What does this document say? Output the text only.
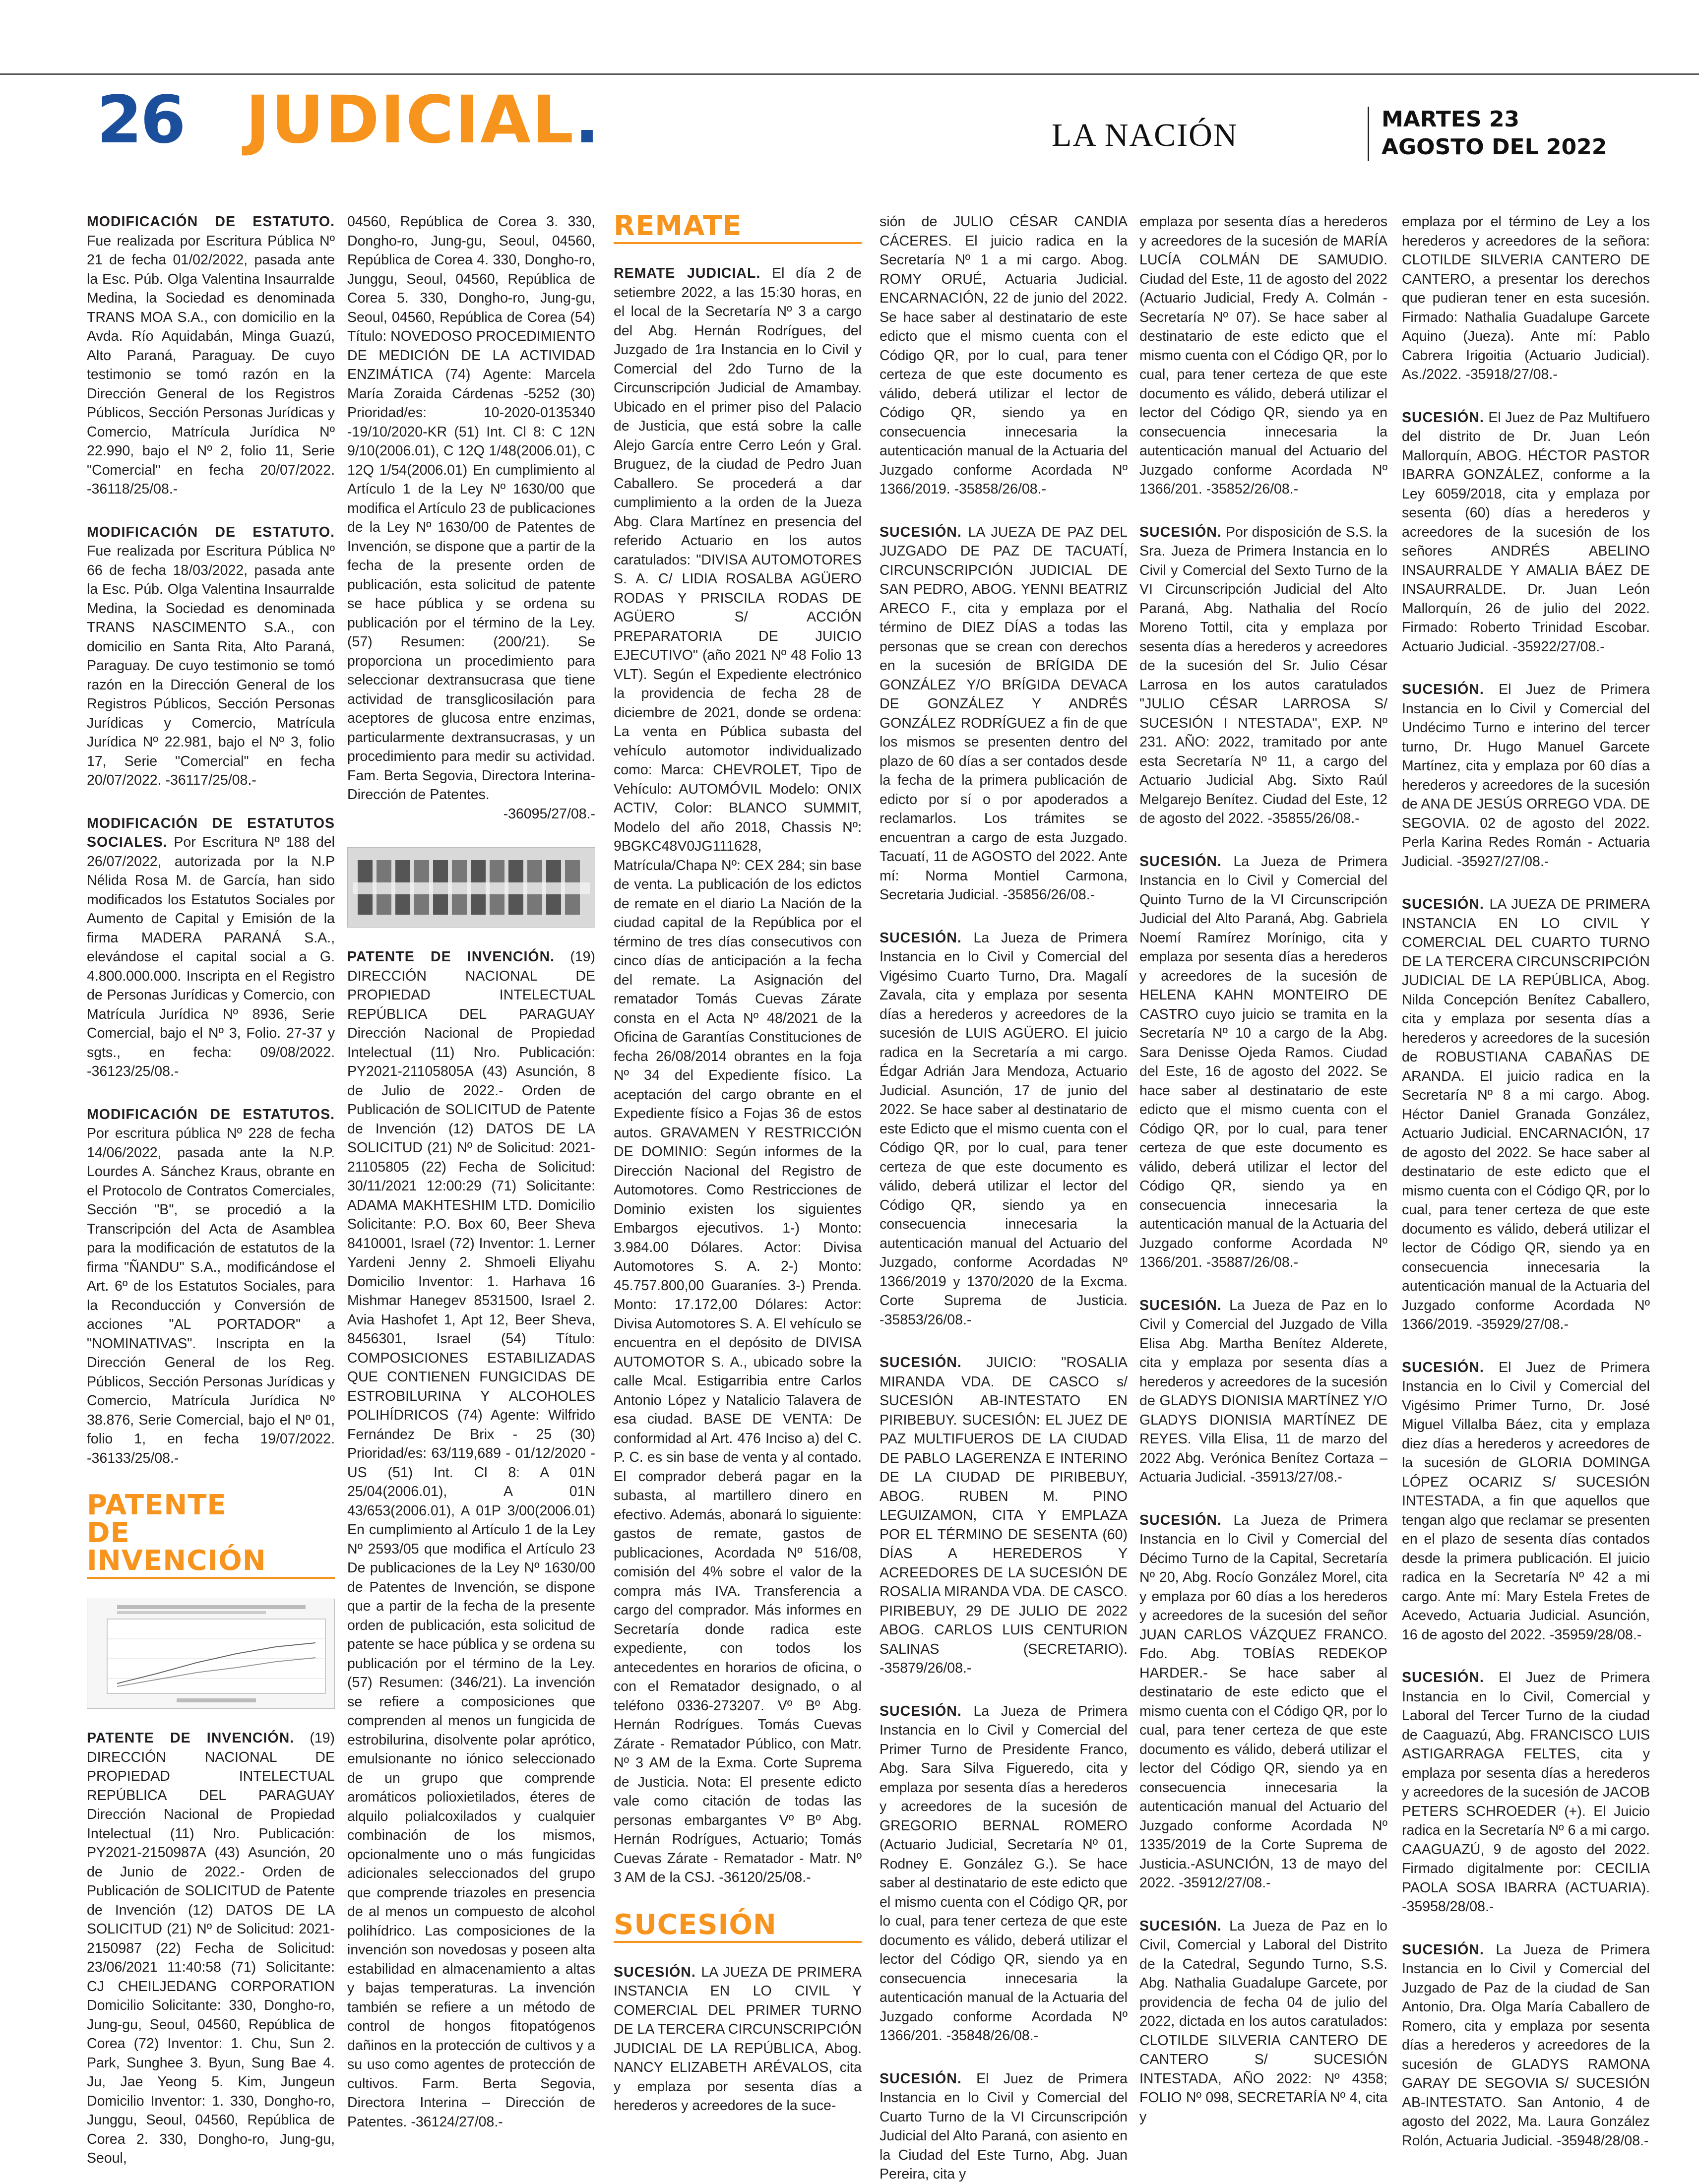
26 JUDICIAL.	LA NACIÓN	MARTES 23
AGOSTO DEL 2022

MODIFICACIÓN DE ESTATUTO. Fue realizada por Escritura Pública Nº 21 de fecha 01/02/2022, pasada ante la Esc. Púb. Olga Valentina Insaurralde Medina, la Sociedad es denominada TRANS MOA S.A., con domicilio en la Avda. Río Aquidabán, Minga Guazú, Alto Paraná, Paraguay. De cuyo testimonio se tomó razón en la Dirección General de los Registros Públicos, Sección Personas Jurídicas y Comercio, Matrícula Jurídica Nº 22.990, bajo el Nº 2, folio 11, Serie "Comercial" en fecha 20/07/2022. -36118/25/08.-

MODIFICACIÓN DE ESTATUTO. Fue realizada por Escritura Pública Nº 66 de fecha 18/03/2022, pasada ante la Esc. Púb. Olga Valentina Insaurralde Medina, la Sociedad es denominada TRANS NASCIMENTO S.A., con domicilio en Santa Rita, Alto Paraná, Paraguay. De cuyo testimonio se tomó razón en la Dirección General de los Registros Públicos, Sección Personas Jurídicas y Comercio, Matrícula Jurídica Nº 22.981, bajo el Nº 3, folio 17, Serie "Comercial" en fecha 20/07/2022. -36117/25/08.-

MODIFICACIÓN DE ESTATUTOS SOCIALES. Por Escritura Nº 188 del 26/07/2022, autorizada por la N.P Nélida Rosa M. de García, han sido modificados los Estatutos Sociales por Aumento de Capital y Emisión de la firma MADERA PARANÁ S.A., elevándose el capital social a G. 4.800.000.000. Inscripta en el Registro de Personas Jurídicas y Comercio, con Matrícula Jurídica Nº 8936, Serie Comercial, bajo el Nº 3, Folio. 27-37 y sgts., en fecha: 09/08/2022. -36123/25/08.-

MODIFICACIÓN DE ESTATUTOS. Por escritura pública Nº 228 de fecha 14/06/2022, pasada ante la N.P. Lourdes A. Sánchez Kraus, obrante en el Protocolo de Contratos Comerciales, Sección "B", se procedió a la Transcripción del Acta de Asamblea para la modificación de estatutos de la firma "ÑANDU" S.A., modificándose el Art. 6º de los Estatutos Sociales, para la Reconducción y Conversión de acciones "AL PORTADOR" a "NOMINATIVAS". Inscripta en la Dirección General de los Reg. Públicos, Sección Personas Jurídicas y Comercio, Matrícula Jurídica Nº 38.876, Serie Comercial, bajo el Nº 01, folio 1, en fecha 19/07/2022. -36133/25/08.-

PATENTE DE INVENCIÓN

PATENTE DE INVENCIÓN. (19) DIRECCIÓN NACIONAL DE PROPIEDAD INTELECTUAL REPÚBLICA DEL PARAGUAY Dirección Nacional de Propiedad Intelectual (11) Nro. Publicación: PY2021-2150987A (43) Asunción, 20 de Junio de 2022.- Orden de Publicación de SOLICITUD de Patente de Invención (12) DATOS DE LA SOLICITUD (21) Nº de Solicitud: 2021-2150987 (22) Fecha de Solicitud: 23/06/2021 11:40:58 (71) Solicitante: CJ CHEILJEDANG CORPORATION Domicilio Solicitante: 330, Dongho-ro, Jung-gu, Seoul, 04560, República de Corea (72) Inventor: 1. Chu, Sun 2. Park, Sunghee 3. Byun, Sung Bae 4. Ju, Jae Yeong 5. Kim, Jungeun Domicilio Inventor: 1. 330, Dongho-ro, Junggu, Seoul, 04560, República de Corea 2. 330, Dongho-ro, Jung-gu, Seoul,

04560, República de Corea 3. 330, Dongho-ro, Jung-gu, Seoul, 04560, República de Corea 4. 330, Dongho-ro, Junggu, Seoul, 04560, República de Corea 5. 330, Dongho-ro, Jung-gu, Seoul, 04560, República de Corea (54) Título: NOVEDOSO PROCEDIMIENTO DE MEDICIÓN DE LA ACTIVIDAD ENZIMÁTICA (74) Agente: Marcela María Zoraida Cárdenas -5252 (30) Prioridad/es: 10-2020-0135340 -19/10/2020-KR (51) Int. Cl 8: C 12N 9/10(2006.01), C 12Q 1/48(2006.01), C 12Q 1/54(2006.01) En cumplimiento al Artículo 1 de la Ley Nº 1630/00 que modifica el Artículo 23 de publicaciones de la Ley Nº 1630/00 de Patentes de Invención, se dispone que a partir de la fecha de la presente orden de publicación, esta solicitud de patente se hace pública y se ordena su publicación por el término de la Ley. (57) Resumen: (200/21). Se proporciona un procedimiento para seleccionar dextransucrasa que tiene actividad de transglicosilación para aceptores de glucosa entre enzimas, particularmente dextransucrasas, y un procedimiento para medir su actividad. Fam. Berta Segovia, Directora Interina- Dirección de Patentes.
-36095/27/08.-

PATENTE DE INVENCIÓN. (19) DIRECCIÓN NACIONAL DE PROPIEDAD INTELECTUAL REPÚBLICA DEL PARAGUAY Dirección Nacional de Propiedad Intelectual (11) Nro. Publicación: PY2021-21105805A (43) Asunción, 8 de Julio de 2022.- Orden de Publicación de SOLICITUD de Patente de Invención (12) DATOS DE LA SOLICITUD (21) Nº de Solicitud: 2021-21105805 (22) Fecha de Solicitud: 30/11/2021 12:00:29 (71) Solicitante: ADAMA MAKHTESHIM LTD. Domicilio Solicitante: P.O. Box 60, Beer Sheva 8410001, Israel (72) Inventor: 1. Lerner Yardeni Jenny 2. Shmoeli Eliyahu Domicilio Inventor: 1. Harhava 16 Mishmar Hanegev 8531500, Israel 2. Avia Hashofet 1, Apt 12, Beer Sheva, 8456301, Israel (54) Título: COMPOSICIONES ESTABILIZADAS QUE CONTIENEN FUNGICIDAS DE ESTROBILURINA Y ALCOHOLES POLIHÍDRICOS (74) Agente: Wilfrido Fernández De Brix - 25 (30) Prioridad/es: 63/119,689 - 01/12/2020 - US (51) Int. Cl 8: A 01N 25/04(2006.01), A 01N 43/653(2006.01), A 01P 3/00(2006.01) En cumplimiento al Artículo 1 de la Ley Nº 2593/05 que modifica el Artículo 23 De publicaciones de la Ley Nº 1630/00 de Patentes de Invención, se dispone que a partir de la fecha de la presente orden de publicación, esta solicitud de patente se hace pública y se ordena su publicación por el término de la Ley. (57) Resumen: (346/21). La invención se refiere a composiciones que comprenden al menos un fungicida de estrobilurina, disolvente polar aprótico, emulsionante no iónico seleccionado de un grupo que comprende aromáticos polioxietilados, éteres de alquilo polialcoxilados y cualquier combinación de los mismos, opcionalmente uno o más fungicidas adicionales seleccionados del grupo que comprende triazoles en presencia de al menos un compuesto de alcohol polihídrico. Las composiciones de la invención son novedosas y poseen alta estabilidad en almacenamiento a altas y bajas temperaturas. La invención también se refiere a un método de control de hongos fitopatógenos dañinos en la protección de cultivos y a su uso como agentes de protección de cultivos. Farm. Berta Segovia, Directora Interina – Dirección de Patentes. -36124/27/08.-

REMATE

REMATE JUDICIAL. El día 2 de setiembre 2022, a las 15:30 horas, en el local de la Secretaría Nº 3 a cargo del Abg. Hernán Rodrígues, del Juzgado de 1ra Instancia en lo Civil y Comercial del 2do Turno de la Circunscripción Judicial de Amambay. Ubicado en el primer piso del Palacio de Justicia, que está sobre la calle Alejo García entre Cerro León y Gral. Bruguez, de la ciudad de Pedro Juan Caballero. Se procederá a dar cumplimiento a la orden de la Jueza Abg. Clara Martínez en presencia del referido Actuario en los autos caratulados: "DIVISA AUTOMOTORES S. A. C/ LIDIA ROSALBA AGÜERO RODAS Y PRISCILA RODAS DE AGÜERO S/ ACCIÓN PREPARATORIA DE JUICIO EJECUTIVO" (año 2021 Nº 48 Folio 13 VLT). Según el Expediente electrónico la providencia de fecha 28 de diciembre de 2021, donde se ordena: La venta en Pública subasta del vehículo automotor individualizado como: Marca: CHEVROLET, Tipo de Vehículo: AUTOMÓVIL Modelo: ONIX ACTIV, Color: BLANCO SUMMIT, Modelo del año 2018, Chassis Nº: 9BGKC48V0JG111628, Matrícula/Chapa Nº: CEX 284; sin base de venta. La publicación de los edictos de remate en el diario La Nación de la ciudad capital de la República por el término de tres días consecutivos con cinco días de anticipación a la fecha del remate. La Asignación del rematador Tomás Cuevas Zárate consta en el Acta Nº 48/2021 de la Oficina de Garantías Constituciones de fecha 26/08/2014 obrantes en la foja Nº 34 del Expediente físico. La aceptación del cargo obrante en el Expediente físico a Fojas 36 de estos autos. GRAVAMEN Y RESTRICCIÓN DE DOMINIO: Según informes de la Dirección Nacional del Registro de Automotores. Como Restricciones de Dominio existen los siguientes Embargos ejecutivos. 1-) Monto: 3.984.00 Dólares. Actor: Divisa Automotores S. A. 2-) Monto: 45.757.800,00 Guaraníes. 3-) Prenda. Monto: 17.172,00 Dólares: Actor: Divisa Automotores S. A. El vehículo se encuentra en el depósito de DIVISA AUTOMOTOR S. A., ubicado sobre la calle Mcal. Estigarribia entre Carlos Antonio López y Natalicio Talavera de esa ciudad. BASE DE VENTA: De conformidad al Art. 476 Inciso a) del C. P. C. es sin base de venta y al contado. El comprador deberá pagar en la subasta, al martillero dinero en efectivo. Además, abonará lo siguiente: gastos de remate, gastos de publicaciones, Acordada Nº 516/08, comisión del 4% sobre el valor de la compra más IVA. Transferencia a cargo del comprador. Más informes en Secretaría donde radica este expediente, con todos los antecedentes en horarios de oficina, o con el Rematador designado, o al teléfono 0336-273207. Vº Bº Abg. Hernán Rodrígues. Tomás Cuevas Zárate - Rematador Público, con Matr. Nº 3 AM de la Exma. Corte Suprema de Justicia. Nota: El presente edicto vale como citación de todas las personas embargantes Vº Bº Abg. Hernán Rodrígues, Actuario; Tomás Cuevas Zárate - Rematador - Matr. Nº 3 AM de la CSJ. -36120/25/08.-

SUCESIÓN

SUCESIÓN. LA JUEZA DE PRIMERA INSTANCIA EN LO CIVIL Y COMERCIAL DEL PRIMER TURNO DE LA TERCERA CIRCUNSCRIPCIÓN JUDICIAL DE LA REPÚBLICA, Abog. NANCY ELIZABETH ARÉVALOS, cita y emplaza por sesenta días a herederos y acreedores de la suce-

sión de JULIO CÉSAR CANDIA CÁCERES. El juicio radica en la Secretaría Nº 1 a mi cargo. Abog. ROMY ORUÉ, Actuaria Judicial. ENCARNACIÓN, 22 de junio del 2022. Se hace saber al destinatario de este edicto que el mismo cuenta con el Código QR, por lo cual, para tener certeza de que este documento es válido, deberá utilizar el lector de Código QR, siendo ya en consecuencia innecesaria la autenticación manual de la Actuaria del Juzgado conforme Acordada Nº 1366/2019. -35858/26/08.-

SUCESIÓN. LA JUEZA DE PAZ DEL JUZGADO DE PAZ DE TACUATÍ, CIRCUNSCRIPCIÓN JUDICIAL DE SAN PEDRO, ABOG. YENNI BEATRIZ ARECO F., cita y emplaza por el término de DIEZ DÍAS a todas las personas que se crean con derechos en la sucesión de BRÍGIDA DE GONZÁLEZ Y/O BRÍGIDA DEVACA DE GONZÁLEZ Y ANDRÉS GONZÁLEZ RODRÍGUEZ a fin de que los mismos se presenten dentro del plazo de 60 días a ser contados desde la fecha de la primera publicación de edicto por sí o por apoderados a reclamarlos. Los trámites se encuentran a cargo de esta Juzgado. Tacuatí, 11 de AGOSTO del 2022. Ante mí: Norma Montiel Carmona, Secretaria Judicial. -35856/26/08.-

SUCESIÓN. La Jueza de Primera Instancia en lo Civil y Comercial del Vigésimo Cuarto Turno, Dra. Magalí Zavala, cita y emplaza por sesenta días a herederos y acreedores de la sucesión de LUIS AGÜERO. El juicio radica en la Secretaría a mi cargo. Édgar Adrián Jara Mendoza, Actuario Judicial. Asunción, 17 de junio del 2022. Se hace saber al destinatario de este Edicto que el mismo cuenta con el Código QR, por lo cual, para tener certeza de que este documento es válido, deberá utilizar el lector del Código QR, siendo ya en consecuencia innecesaria la autenticación manual del Actuario del Juzgado, conforme Acordadas Nº 1366/2019 y 1370/2020 de la Excma. Corte Suprema de Justicia. -35853/26/08.-

SUCESIÓN. JUICIO: "ROSALIA MIRANDA VDA. DE CASCO s/ SUCESIÓN AB-INTESTATO EN PIRIBEBUY. SUCESIÓN: EL JUEZ DE PAZ MULTIFUEROS DE LA CIUDAD DE PABLO LAGERENZA E INTERINO DE LA CIUDAD DE PIRIBEBUY, ABOG. RUBEN M. PINO LEGUIZAMON, CITA Y EMPLAZA POR EL TÉRMINO DE SESENTA (60) DÍAS A HEREDEROS Y ACREEDORES DE LA SUCESIÓN DE ROSALIA MIRANDA VDA. DE CASCO. PIRIBEBUY, 29 DE JULIO DE 2022 ABOG. CARLOS LUIS CENTURION SALINAS (SECRETARIO). -35879/26/08.-

SUCESIÓN. La Jueza de Primera Instancia en lo Civil y Comercial del Primer Turno de Presidente Franco, Abg. Sara Silva Figueredo, cita y emplaza por sesenta días a herederos y acreedores de la sucesión de GREGORIO BERNAL ROMERO (Actuario Judicial, Secretaría Nº 01, Rodney E. González G.). Se hace saber al destinatario de este edicto que el mismo cuenta con el Código QR, por lo cual, para tener certeza de que este documento es válido, deberá utilizar el lector del Código QR, siendo ya en consecuencia innecesaria la autenticación manual de la Actuaria del Juzgado conforme Acordada Nº 1366/201. -35848/26/08.-

SUCESIÓN. El Juez de Primera Instancia en lo Civil y Comercial del Cuarto Turno de la VI Circunscripción Judicial del Alto Paraná, con asiento en la Ciudad del Este Turno, Abg. Juan Pereira, cita y

emplaza por sesenta días a herederos y acreedores de la sucesión de MARÍA LUCÍA COLMÁN DE SAMUDIO. Ciudad del Este, 11 de agosto del 2022 (Actuario Judicial, Fredy A. Colmán - Secretaría Nº 07). Se hace saber al destinatario de este edicto que el mismo cuenta con el Código QR, por lo cual, para tener certeza de que este documento es válido, deberá utilizar el lector del Código QR, siendo ya en consecuencia innecesaria la autenticación manual del Actuario del Juzgado conforme Acordada Nº 1366/201. -35852/26/08.-

SUCESIÓN. Por disposición de S.S. la Sra. Jueza de Primera Instancia en lo Civil y Comercial del Sexto Turno de la VI Circunscripción Judicial del Alto Paraná, Abg. Nathalia del Rocío Moreno Tottil, cita y emplaza por sesenta días a herederos y acreedores de la sucesión del Sr. Julio César Larrosa en los autos caratulados "JULIO CÉSAR LARROSA S/ SUCESIÓN I NTESTADA", EXP. Nº 231. AÑO: 2022, tramitado por ante esta Secretaría Nº 11, a cargo del Actuario Judicial Abg. Sixto Raúl Melgarejo Benítez. Ciudad del Este, 12 de agosto del 2022. -35855/26/08.-

SUCESIÓN. La Jueza de Primera Instancia en lo Civil y Comercial del Quinto Turno de la VI Circunscripción Judicial del Alto Paraná, Abg. Gabriela Noemí Ramírez Morínigo, cita y emplaza por sesenta días a herederos y acreedores de la sucesión de HELENA KAHN MONTEIRO DE CASTRO cuyo juicio se tramita en la Secretaría Nº 10 a cargo de la Abg. Sara Denisse Ojeda Ramos. Ciudad del Este, 16 de agosto del 2022. Se hace saber al destinatario de este edicto que el mismo cuenta con el Código QR, por lo cual, para tener certeza de que este documento es válido, deberá utilizar el lector del Código QR, siendo ya en consecuencia innecesaria la autenticación manual de la Actuaria del Juzgado conforme Acordada Nº 1366/201. -35887/26/08.-

SUCESIÓN. La Jueza de Paz en lo Civil y Comercial del Juzgado de Villa Elisa Abg. Martha Benítez Alderete, cita y emplaza por sesenta días a herederos y acreedores de la sucesión de GLADYS DIONISIA MARTÍNEZ Y/O GLADYS DIONISIA MARTÍNEZ DE REYES. Villa Elisa, 11 de marzo del 2022 Abg. Verónica Benítez Cortaza – Actuaria Judicial. -35913/27/08.-

SUCESIÓN. La Jueza de Primera Instancia en lo Civil y Comercial del Décimo Turno de la Capital, Secretaría Nº 20, Abg. Rocío González Morel, cita y emplaza por 60 días a los herederos y acreedores de la sucesión del señor JUAN CARLOS VÁZQUEZ FRANCO. Fdo. Abg. TOBÍAS REDEKOP HARDER.- Se hace saber al destinatario de este edicto que el mismo cuenta con el Código QR, por lo cual, para tener certeza de que este documento es válido, deberá utilizar el lector del Código QR, siendo ya en consecuencia innecesaria la autenticación manual del Actuario del Juzgado conforme Acordada Nº 1335/2019 de la Corte Suprema de Justicia.-ASUNCIÓN, 13 de mayo del 2022. -35912/27/08.-

SUCESIÓN. La Jueza de Paz en lo Civil, Comercial y Laboral del Distrito de la Catedral, Segundo Turno, S.S. Abg. Nathalia Guadalupe Garcete, por providencia de fecha 04 de julio del 2022, dictada en los autos caratulados: CLOTILDE SILVERIA CANTERO DE CANTERO S/ SUCESIÓN INTESTADA, AÑO 2022: Nº 4358; FOLIO Nº 098, SECRETARÍA Nº 4, cita y

emplaza por el término de Ley a los herederos y acreedores de la señora: CLOTILDE SILVERIA CANTERO DE CANTERO, a presentar los derechos que pudieran tener en esta sucesión. Firmado: Nathalia Guadalupe Garcete Aquino (Jueza). Ante mí: Pablo Cabrera Irigoitia (Actuario Judicial). As./2022. -35918/27/08.-

SUCESIÓN. El Juez de Paz Multifuero del distrito de Dr. Juan León Mallorquín, ABOG. HÉCTOR PASTOR IBARRA GONZÁLEZ, conforme a la Ley 6059/2018, cita y emplaza por sesenta (60) días a herederos y acreedores de la sucesión de los señores ANDRÉS ABELINO INSAURRALDE Y AMALIA BÁEZ DE INSAURRALDE. Dr. Juan León Mallorquín, 26 de julio del 2022. Firmado: Roberto Trinidad Escobar. Actuario Judicial. -35922/27/08.-

SUCESIÓN. El Juez de Primera Instancia en lo Civil y Comercial del Undécimo Turno e interino del tercer turno, Dr. Hugo Manuel Garcete Martínez, cita y emplaza por 60 días a herederos y acreedores de la sucesión de ANA DE JESÚS ORREGO VDA. DE SEGOVIA. 02 de agosto del 2022. Perla Karina Redes Román - Actuaria Judicial. -35927/27/08.-

SUCESIÓN. LA JUEZA DE PRIMERA INSTANCIA EN LO CIVIL Y COMERCIAL DEL CUARTO TURNO DE LA TERCERA CIRCUNSCRIPCIÓN JUDICIAL DE LA REPÚBLICA, Abog. Nilda Concepción Benítez Caballero, cita y emplaza por sesenta días a herederos y acreedores de la sucesión de ROBUSTIANA CABAÑAS DE ARANDA. El juicio radica en la Secretaría Nº 8 a mi cargo. Abog. Héctor Daniel Granada González, Actuario Judicial. ENCARNACIÓN, 17 de agosto del 2022. Se hace saber al destinatario de este edicto que el mismo cuenta con el Código QR, por lo cual, para tener certeza de que este documento es válido, deberá utilizar el lector de Código QR, siendo ya en consecuencia innecesaria la autenticación manual de la Actuaria del Juzgado conforme Acordada Nº 1366/2019. -35929/27/08.-

SUCESIÓN. El Juez de Primera Instancia en lo Civil y Comercial del Vigésimo Primer Turno, Dr. José Miguel Villalba Báez, cita y emplaza diez días a herederos y acreedores de la sucesión de GLORIA DOMINGA LÓPEZ OCARIZ S/ SUCESIÓN INTESTADA, a fin que aquellos que tengan algo que reclamar se presenten en el plazo de sesenta días contados desde la primera publicación. El juicio radica en la Secretaría Nº 42 a mi cargo. Ante mí: Mary Estela Fretes de Acevedo, Actuaria Judicial. Asunción, 16 de agosto del 2022. -35959/28/08.-

SUCESIÓN. El Juez de Primera Instancia en lo Civil, Comercial y Laboral del Tercer Turno de la ciudad de Caaguazú, Abg. FRANCISCO LUIS ASTIGARRAGA FELTES, cita y emplaza por sesenta días a herederos y acreedores de la sucesión de JACOB PETERS SCHROEDER (+). El Juicio radica en la Secretaría Nº 6 a mi cargo. CAAGUAZÚ, 9 de agosto del 2022. Firmado digitalmente por: CECILIA PAOLA SOSA IBARRA (ACTUARIA). -35958/28/08.-

SUCESIÓN. La Jueza de Primera Instancia en lo Civil y Comercial del Juzgado de Paz de la ciudad de San Antonio, Dra. Olga María Caballero de Romero, cita y emplaza por sesenta días a herederos y acreedores de la sucesión de GLADYS RAMONA GARAY DE SEGOVIA S/ SUCESIÓN AB-INTESTATO. San Antonio, 4 de agosto del 2022, Ma. Laura González Rolón, Actuaria Judicial. -35948/28/08.-
